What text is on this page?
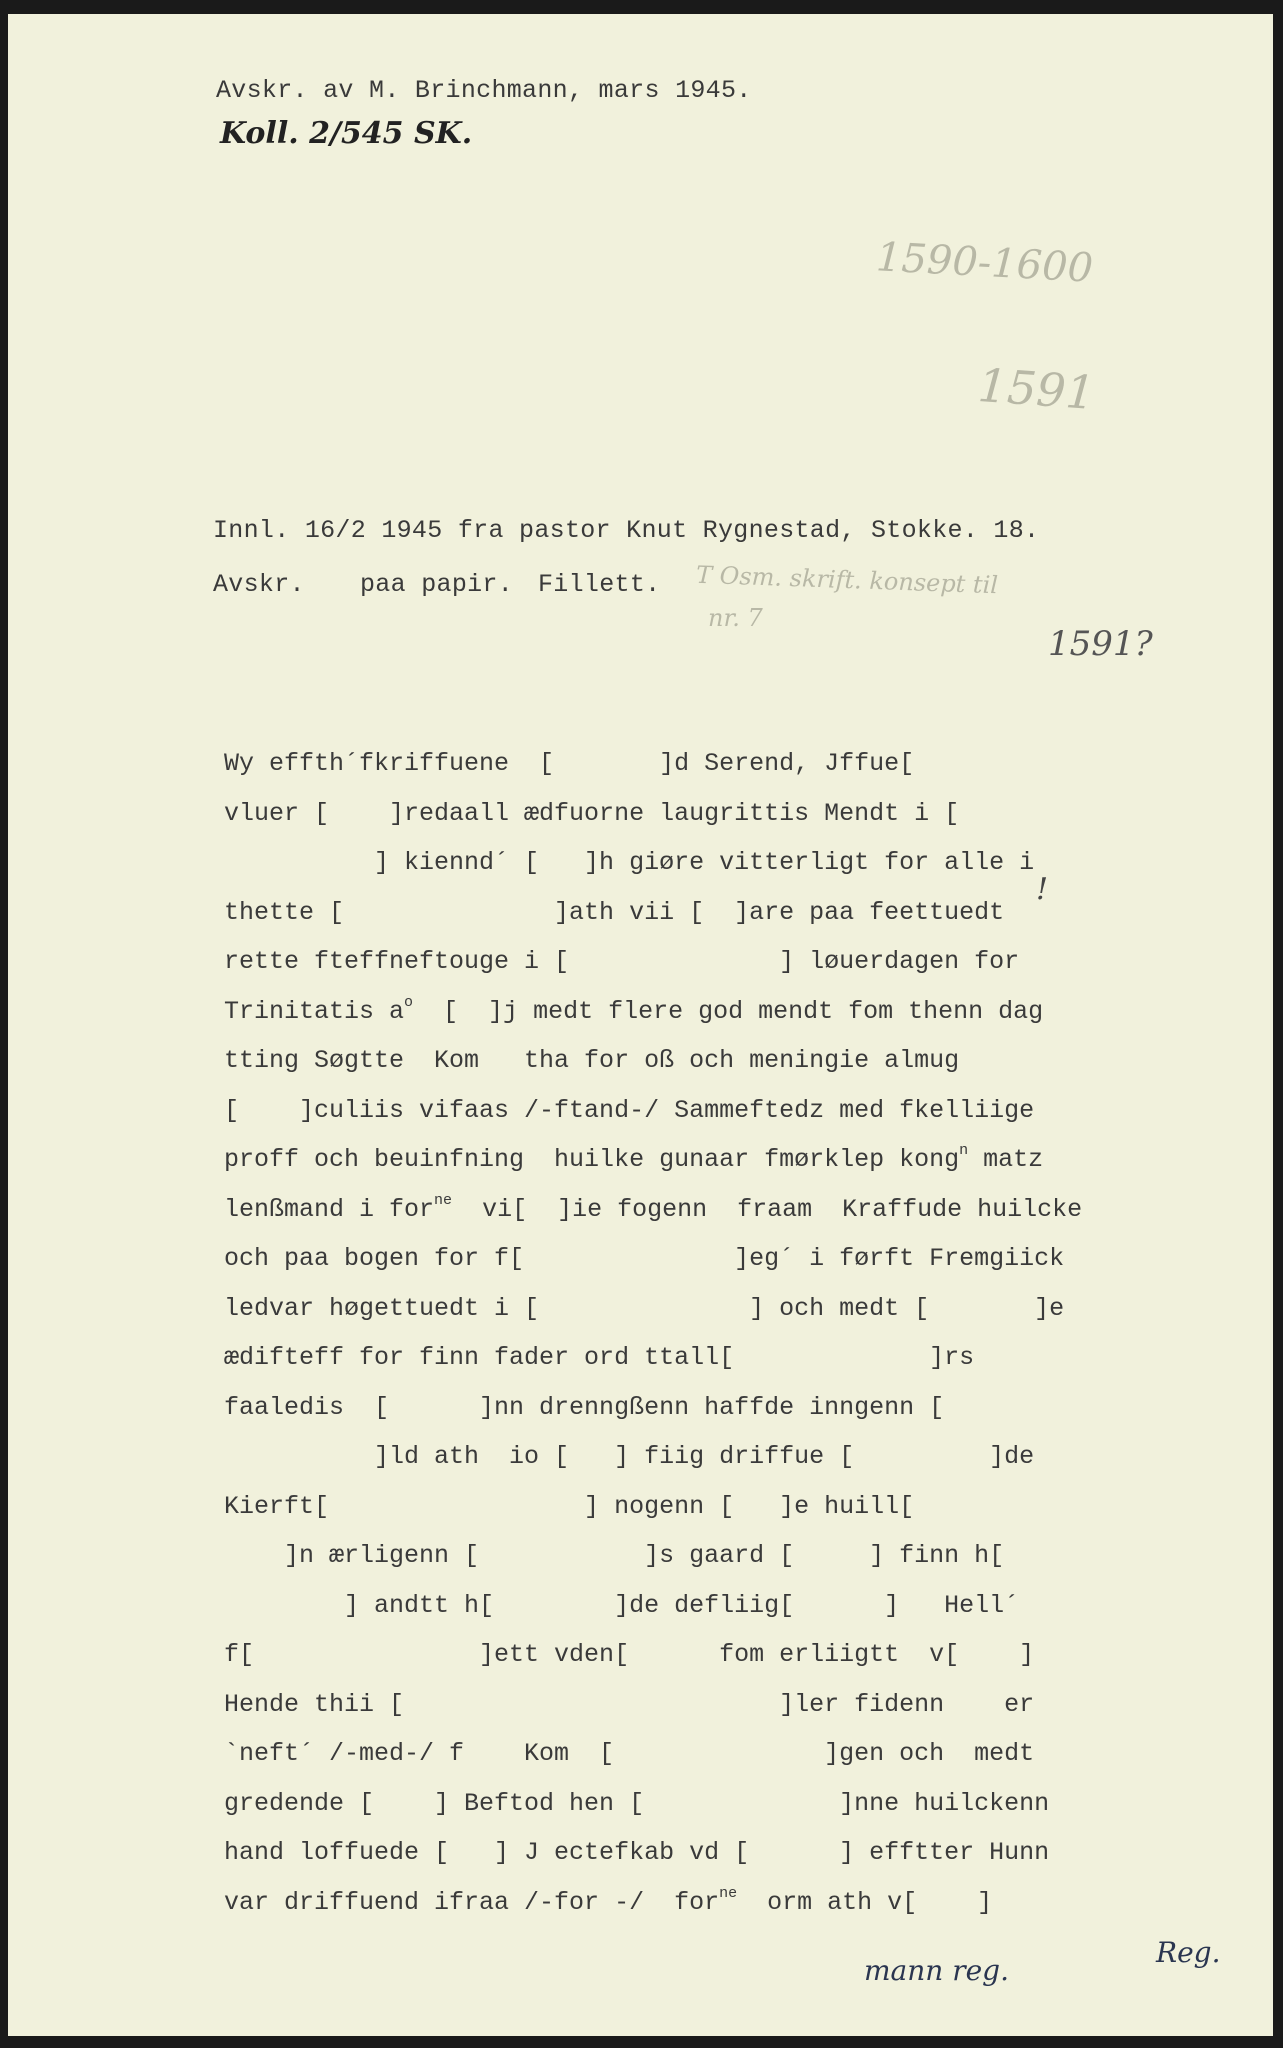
Avskr. av M. Brinchmann, mars 1945.
Koll. 2/545 SK.
1590-1600
1591
Innl. 16/2 1945 fra pastor Knut Rygnestad, Stokke. 18.
Avskr. paa papir. Fillett. T Osm. skrift. konsept til
nr. 7
1591?
Wy effth´fkriffuene  [       ]d Serend, Jffue[
vluer [    ]redaall ædfuorne laugrittis Mendt i [
] kiennd´ [   ]h giøre vitterligt for alle i
thette [              ]ath vii [  ]are paa feettuedt
rette fteffneftouge i [              ] løuerdagen for
Trinitatis $a^o$  [  ]j medt flere god mendt fom thenn dag
tting Søgtte  Kom   tha for oß och meningie almug
[    ]culiis vifaas /-ftand-/ Sammeftedz med fkelliige
proff och beuinfning  huilke gunaar fmørklep kong$^n$ matz
lenßmand i for$^{ne}$  vi[  ]ie fogenn  fraam  Kraffude huilcke
och paa bogen for f[              ]eg´ i førft Fremgiick
ledvar høgettuedt i [              ] och medt [       ]e
ædifteff for finn fader ord ttall[             ]rs
faaledis  [      ]nn drenngßenn haffde inngenn [
]ld ath  io [   ] fiig driffue [         ]de
Kierft[                 ] nogenn [   ]e huill[
]n ærligenn [           ]s gaard [     ] finn h[
] andtt h[        ]de defliig[      ]   Hell´
f[               ]ett vden[      fom erliigtt  v[    ]
Hende thii [                         ]ler fidenn    er
`neft´ /-med-/ f    Kom  [              ]gen och  medt
gredende [    ] Beftod hen [             ]nne huilckenn
hand loffuede [   ] J ectefkab vd [      ] efftter Hunn
var driffuend ifraa /-for -/  for$^{ne}$  orm ath v[    ]
!
mann reg.
Reg.
